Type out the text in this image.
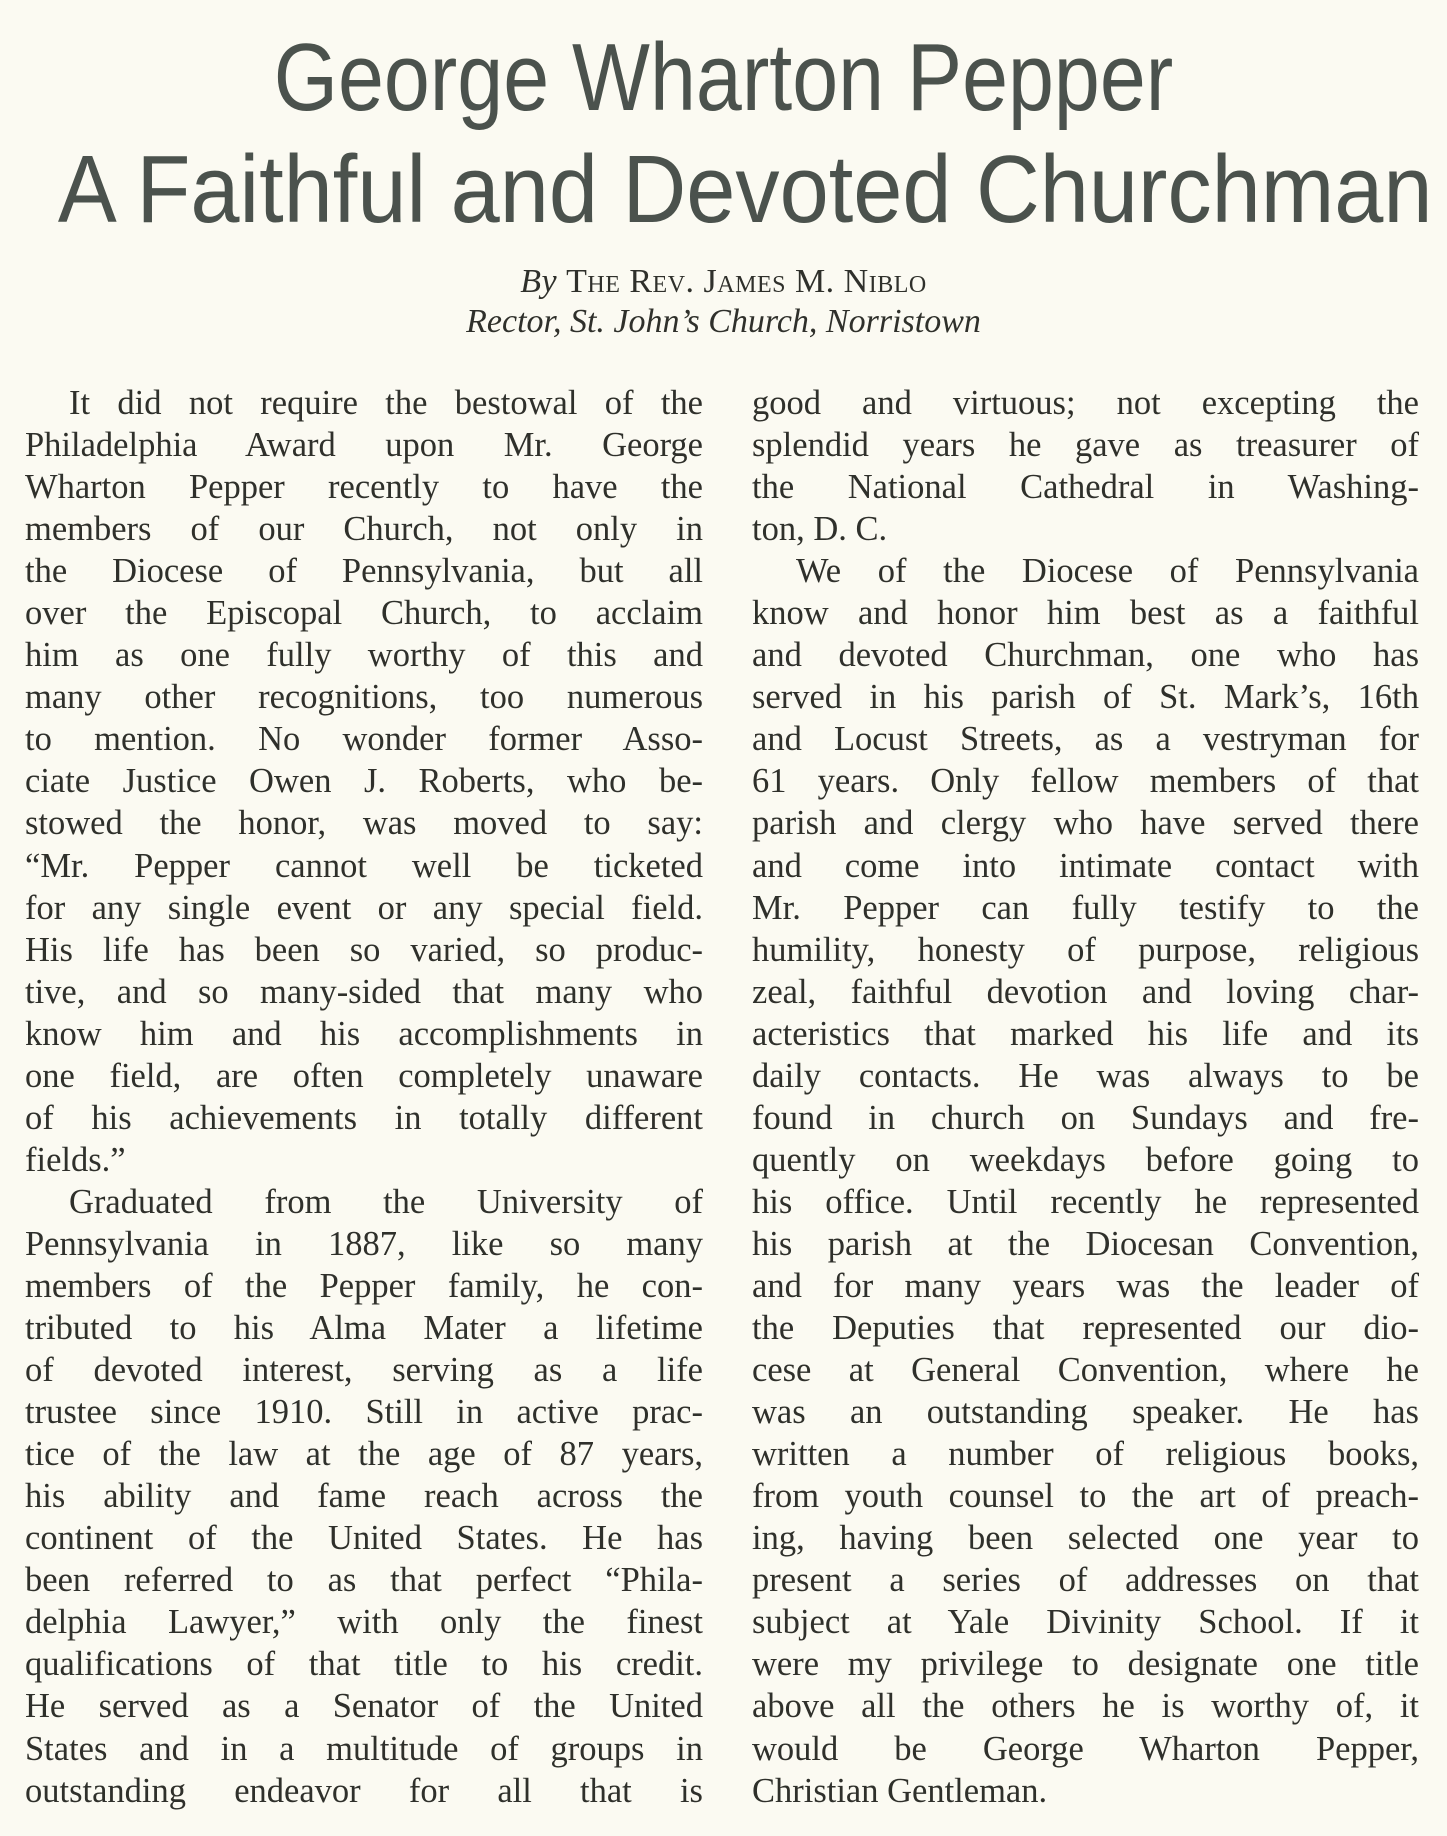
George Wharton Pepper
A Faithful and Devoted Churchman
By The Rev. James M. Niblo
Rector, St. John’s Church, Norristown
It did not require the bestowal of the
Philadelphia Award upon Mr. George
Wharton Pepper recently to have the
members of our Church, not only in
the Diocese of Pennsylvania, but all
over the Episcopal Church, to acclaim
him as one fully worthy of this and
many other recognitions, too numerous
to mention. No wonder former Asso-
ciate Justice Owen J. Roberts, who be-
stowed the honor, was moved to say:
“Mr. Pepper cannot well be ticketed
for any single event or any special field.
His life has been so varied, so produc-
tive, and so many-sided that many who
know him and his accomplishments in
one field, are often completely unaware
of his achievements in totally different
fields.”
Graduated from the University of
Pennsylvania in 1887, like so many
members of the Pepper family, he con-
tributed to his Alma Mater a lifetime
of devoted interest, serving as a life
trustee since 1910. Still in active prac-
tice of the law at the age of 87 years,
his ability and fame reach across the
continent of the United States. He has
been referred to as that perfect “Phila-
delphia Lawyer,” with only the finest
qualifications of that title to his credit.
He served as a Senator of the United
States and in a multitude of groups in
outstanding endeavor for all that is
good and virtuous; not excepting the
splendid years he gave as treasurer of
the National Cathedral in Washing-
ton, D. C.
We of the Diocese of Pennsylvania
know and honor him best as a faithful
and devoted Churchman, one who has
served in his parish of St. Mark’s, 16th
and Locust Streets, as a vestryman for
61 years. Only fellow members of that
parish and clergy who have served there
and come into intimate contact with
Mr. Pepper can fully testify to the
humility, honesty of purpose, religious
zeal, faithful devotion and loving char-
acteristics that marked his life and its
daily contacts. He was always to be
found in church on Sundays and fre-
quently on weekdays before going to
his office. Until recently he represented
his parish at the Diocesan Convention,
and for many years was the leader of
the Deputies that represented our dio-
cese at General Convention, where he
was an outstanding speaker. He has
written a number of religious books,
from youth counsel to the art of preach-
ing, having been selected one year to
present a series of addresses on that
subject at Yale Divinity School. If it
were my privilege to designate one title
above all the others he is worthy of, it
would be George Wharton Pepper,
Christian Gentleman.
